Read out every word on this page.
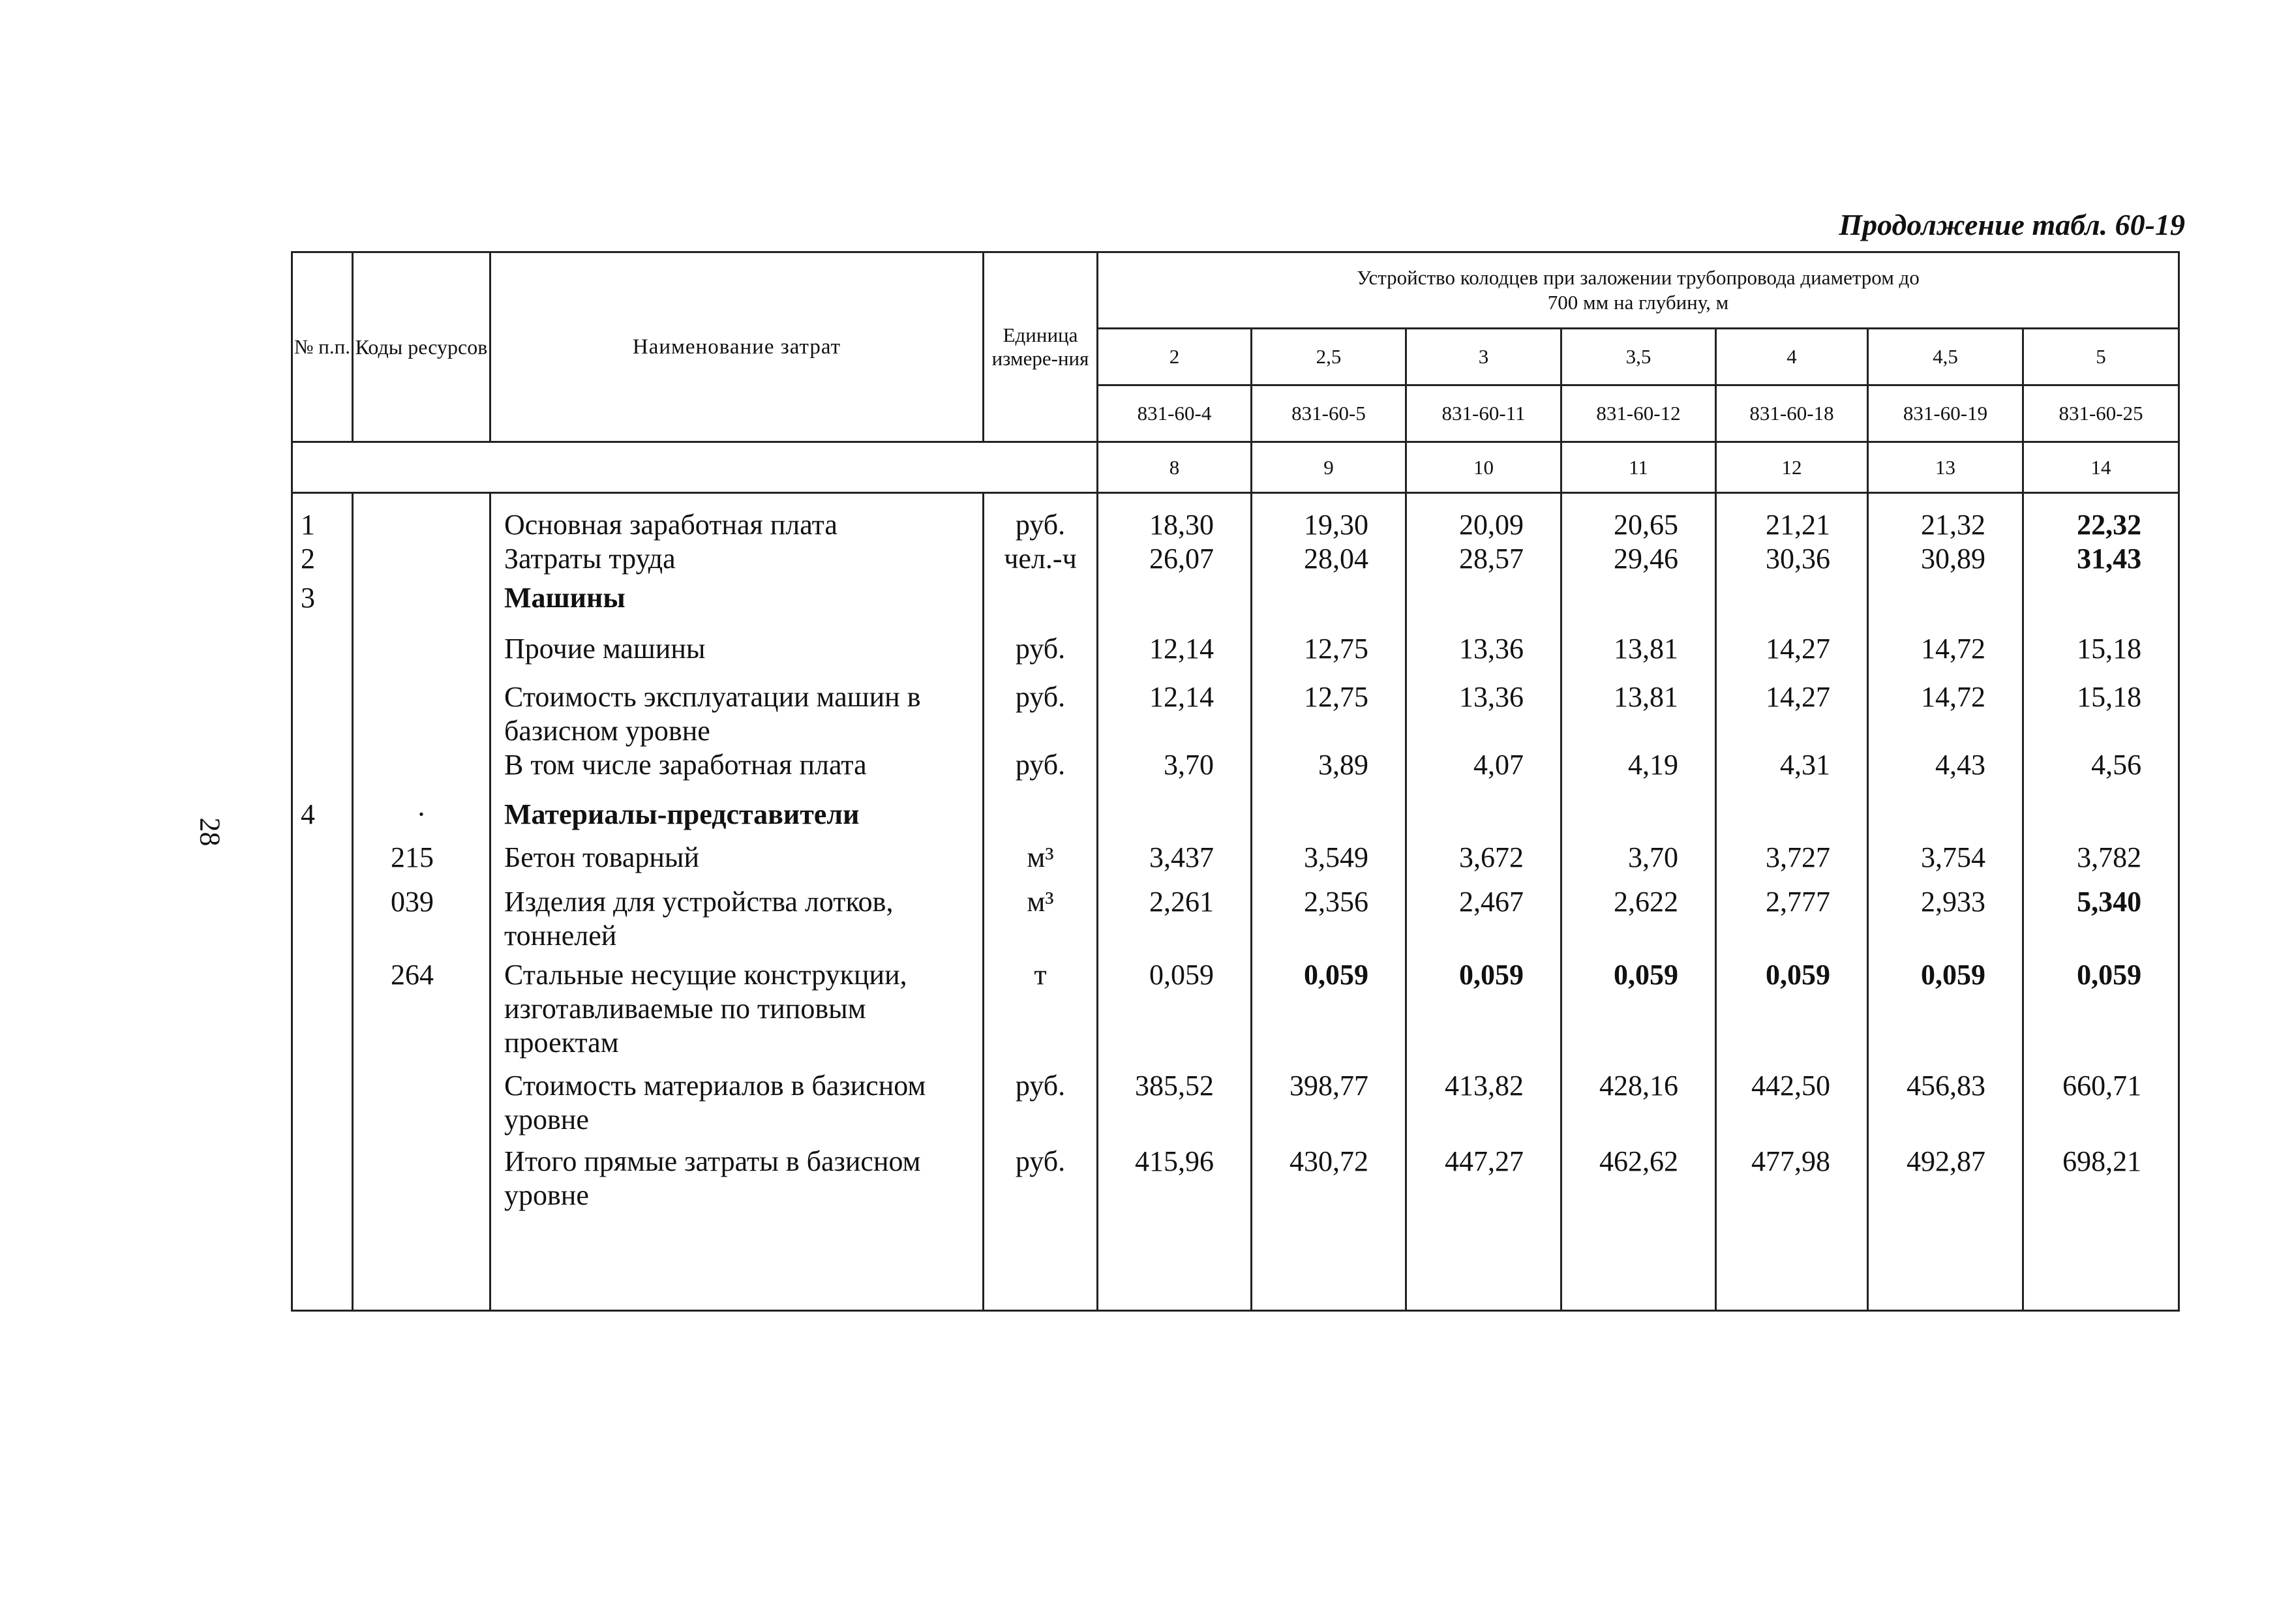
Продолжение табл. 60-19
28
№ п.п.	Коды ресурсов	Наименование затрат	Единица измере-ния	Устройство колодцев при заложении трубопровода диаметром до 700 мм на глубину, м						
				2	2,5	3	3,5	4	4,5	5
				831-60-4	831-60-5	831-60-11	831-60-12	831-60-18	831-60-19	831-60-25
				8	9	10	11	12	13	14

1		Основная заработная плата	руб.	18,30	19,30	20,09	20,65	21,21	21,32	22,32
2		Затраты труда	чел.-ч	26,07	28,04	28,57	29,46	30,36	30,89	31,43
3		Машины								
		Прочие машины	руб.	12,14	12,75	13,36	13,81	14,27	14,72	15,18
		Стоимость эксплуатации машин в базисном уровне	руб.	12,14	12,75	13,36	13,81	14,27	14,72	15,18
		В том числе заработная плата	руб.	3,70	3,89	4,07	4,19	4,31	4,43	4,56
4	·	Материалы-представители								
	215	Бетон товарный	м³	3,437	3,549	3,672	3,70	3,727	3,754	3,782
	039	Изделия для устройства лотков, тоннелей	м³	2,261	2,356	2,467	2,622	2,777	2,933	5,340
	264	Стальные несущие конструкции, изготавливаемые по типовым проектам	т	0,059	0,059	0,059	0,059	0,059	0,059	0,059
		Стоимость материалов в базисном уровне	руб.	385,52	398,77	413,82	428,16	442,50	456,83	660,71
		Итого прямые затраты в базисном уровне	руб.	415,96	430,72	447,27	462,62	477,98	492,87	698,21
